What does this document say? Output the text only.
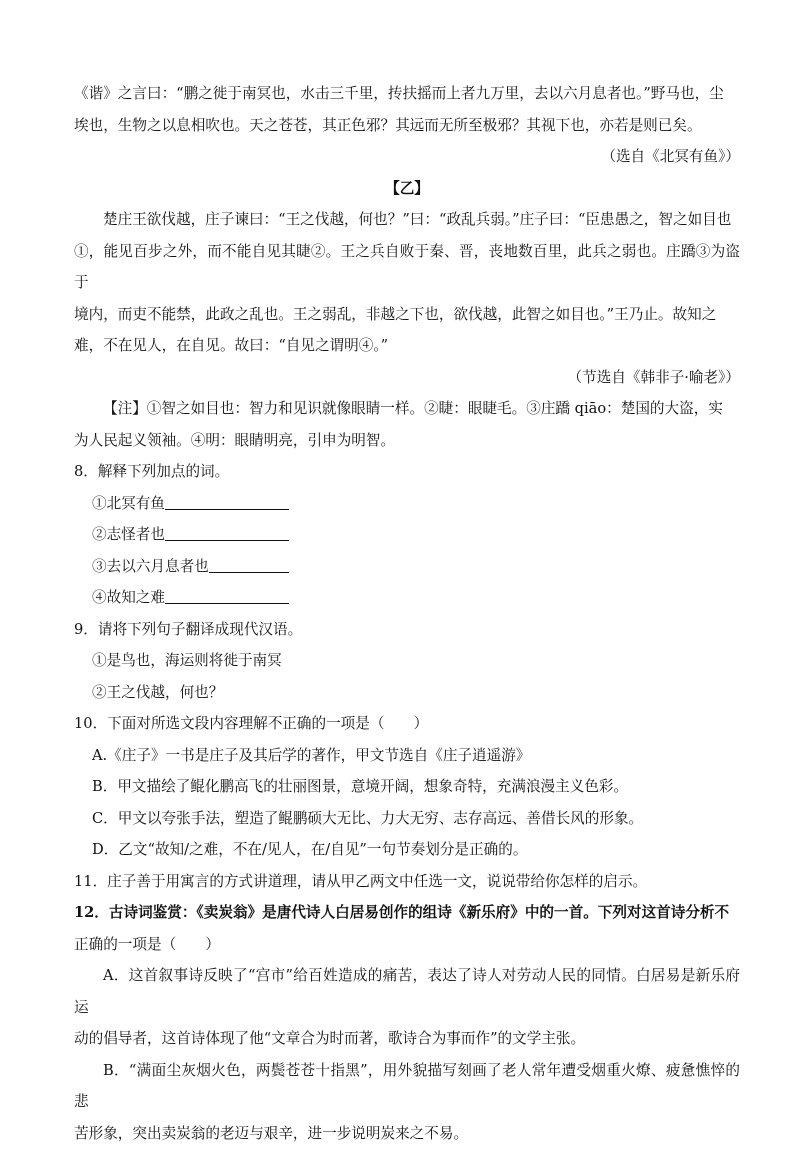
《谐》之言曰：“鹏之徙于南冥也，水击三千里，抟扶摇而上者九万里，去以六月息者也。”野马也，尘

埃也，生物之以息相吹也。天之苍苍，其正色邪？其远而无所至极邪？其视下也，亦若是则已矣。

（选自《北冥有鱼》）

【乙】

楚庄王欲伐越，庄子谏曰：“王之伐越，何也？”曰：“政乱兵弱。”庄子曰：“臣患愚之，智之如目也

①，能见百步之外，而不能自见其睫②。王之兵自败于秦、晋，丧地数百里，此兵之弱也。庄蹻③为盗于

境内，而吏不能禁，此政之乱也。王之弱乱，非越之下也，欲伐越，此智之如目也。”王乃止。故知之

难，不在见人，在自见。故曰：“自见之谓明④。”

（节选自《韩非子·喻老》）

【注】①智之如目也：智力和见识就像眼睛一样。②睫：眼睫毛。③庄蹻 qiāo：楚国的大盗，实

为人民起义领袖。④明：眼睛明亮，引申为明智。

8．解释下列加点的词。

①北冥有鱼

②志怪者也

③去以六月息者也

④故知之难

9．请将下列句子翻译成现代汉语。

①是鸟也，海运则将徙于南冥

②王之伐越，何也？

10．下面对所选文段内容理解不正确的一项是（　　）

A.《庄子》一书是庄子及其后学的著作，甲文节选自《庄子逍遥游》

B．甲文描绘了鲲化鹏高飞的壮丽图景，意境开阔，想象奇特，充满浪漫主义色彩。

C．甲文以夸张手法，塑造了鲲鹏硕大无比、力大无穷、志存高远、善借长风的形象。

D．乙文“故知/之难，不在/见人，在/自见”一句节奏划分是正确的。

11．庄子善于用寓言的方式讲道理，请从甲乙两文中任选一文，说说带给你怎样的启示。

12．古诗词鉴赏：《卖炭翁》是唐代诗人白居易创作的组诗《新乐府》中的一首。下列对这首诗分析不

正确的一项是（　　）

A．这首叙事诗反映了“宫市”给百姓造成的痛苦，表达了诗人对劳动人民的同情。白居易是新乐府运

动的倡导者，这首诗体现了他“文章合为时而著，歌诗合为事而作”的文学主张。

B．“满面尘灰烟火色，两鬓苍苍十指黑”，用外貌描写刻画了老人常年遭受烟重火燎、疲惫憔悴的悲

苦形象，突出卖炭翁的老迈与艰辛，进一步说明炭来之不易。
